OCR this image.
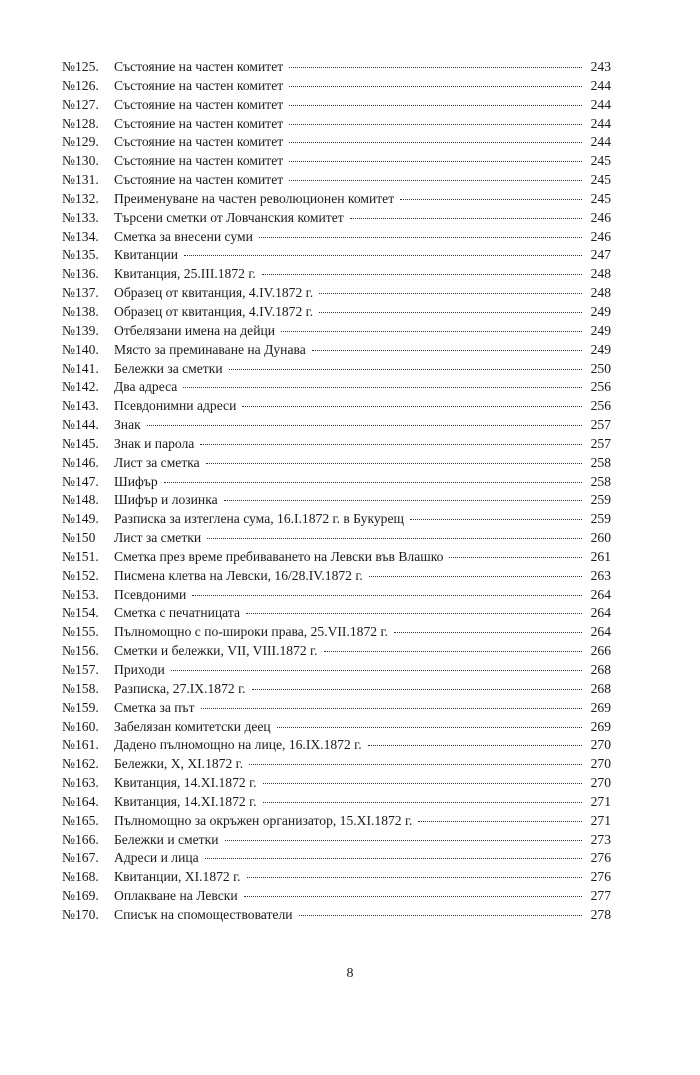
№125.	Състояние на частен комитет	243
№126.	Състояние на частен комитет	244
№127.	Състояние на частен комитет	244
№128.	Състояние на частен комитет	244
№129.	Състояние на частен комитет	244
№130.	Състояние на частен комитет	245
№131.	Състояние на частен комитет	245
№132.	Преименуване на частен революционен комитет	245
№133.	Търсени сметки от Ловчанския комитет	246
№134.	Сметка за внесени суми	246
№135.	Квитанции	247
№136.	Квитанция, 25.III.1872 г.	248
№137.	Образец от квитанция, 4.IV.1872 г.	248
№138.	Образец от квитанция, 4.IV.1872 г.	249
№139.	Отбелязани имена на дейци	249
№140.	Място за преминаване на Дунава	249
№141.	Бележки за сметки	250
№142.	Два адреса	256
№143.	Псевдонимни адреси	256
№144.	Знак	257
№145.	Знак и парола	257
№146.	Лист за сметка	258
№147.	Шифър	258
№148.	Шифър и лозинка	259
№149.	Разписка за изтеглена сума, 16.I.1872 г. в Букурещ	259
№150	Лист за сметки	260
№151.	Сметка през време пребиваването на Левски във Влашко	261
№152.	Писмена клетва на Левски, 16/28.IV.1872 г.	263
№153.	Псевдоними	264
№154.	Сметка с печатницата	264
№155.	Пълномощно с по-широки права, 25.VII.1872 г.	264
№156.	Сметки и бележки, VII, VIII.1872 г.	266
№157.	Приходи	268
№158.	Разписка, 27.IX.1872 г.	268
№159.	Сметка за път	269
№160.	Забелязан комитетски деец	269
№161.	Дадено пълномощно на лице, 16.IX.1872 г.	270
№162.	Бележки, X, XI.1872 г.	270
№163.	Квитанция, 14.XI.1872 г.	270
№164.	Квитанция, 14.XI.1872 г.	271
№165.	Пълномощно за окръжен организатор, 15.XI.1872 г.	271
№166.	Бележки и сметки	273
№167.	Адреси и лица	276
№168.	Квитанции, XI.1872 г.	276
№169.	Оплакване на Левски	277
№170.	Списък на спомоществователи	278
8
